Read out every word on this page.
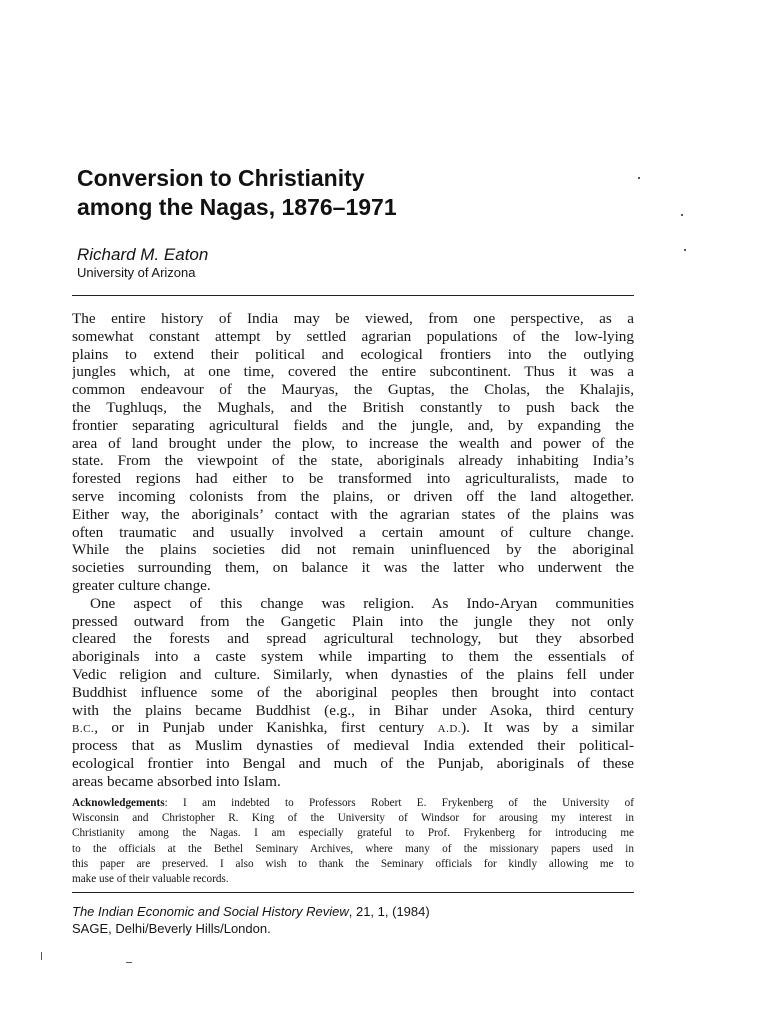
Conversion to Christianity
among the Nagas, 1876–1971
Richard M. Eaton
University of Arizona
The entire history of India may be viewed, from one perspective, as a
somewhat constant attempt by settled agrarian populations of the low-lying
plains to extend their political and ecological frontiers into the outlying
jungles which, at one time, covered the entire subcontinent. Thus it was a
common endeavour of the Mauryas, the Guptas, the Cholas, the Khalajis,
the Tughluqs, the Mughals, and the British constantly to push back the
frontier separating agricultural fields and the jungle, and, by expanding the
area of land brought under the plow, to increase the wealth and power of the
state. From the viewpoint of the state, aboriginals already inhabiting India’s
forested regions had either to be transformed into agriculturalists, made to
serve incoming colonists from the plains, or driven off the land altogether.
Either way, the aboriginals’ contact with the agrarian states of the plains was
often traumatic and usually involved a certain amount of culture change.
While the plains societies did not remain uninfluenced by the aboriginal
societies surrounding them, on balance it was the latter who underwent the
greater culture change.
One aspect of this change was religion. As Indo-Aryan communities
pressed outward from the Gangetic Plain into the jungle they not only
cleared the forests and spread agricultural technology, but they absorbed
aboriginals into a caste system while imparting to them the essentials of
Vedic religion and culture. Similarly, when dynasties of the plains fell under
Buddhist influence some of the aboriginal peoples then brought into contact
with the plains became Buddhist (e.g., in Bihar under Asoka, third century
B.C., or in Punjab under Kanishka, first century A.D.). It was by a similar
process that as Muslim dynasties of medieval India extended their political-
ecological frontier into Bengal and much of the Punjab, aboriginals of these
areas became absorbed into Islam.
Acknowledgements: I am indebted to Professors Robert E. Frykenberg of the University of
Wisconsin and Christopher R. King of the University of Windsor for arousing my interest in
Christianity among the Nagas. I am especially grateful to Prof. Frykenberg for introducing me
to the officials at the Bethel Seminary Archives, where many of the missionary papers used in
this paper are preserved. I also wish to thank the Seminary officials for kindly allowing me to
make use of their valuable records.
The Indian Economic and Social History Review, 21, 1, (1984)
SAGE, Delhi/Beverly Hills/London.
